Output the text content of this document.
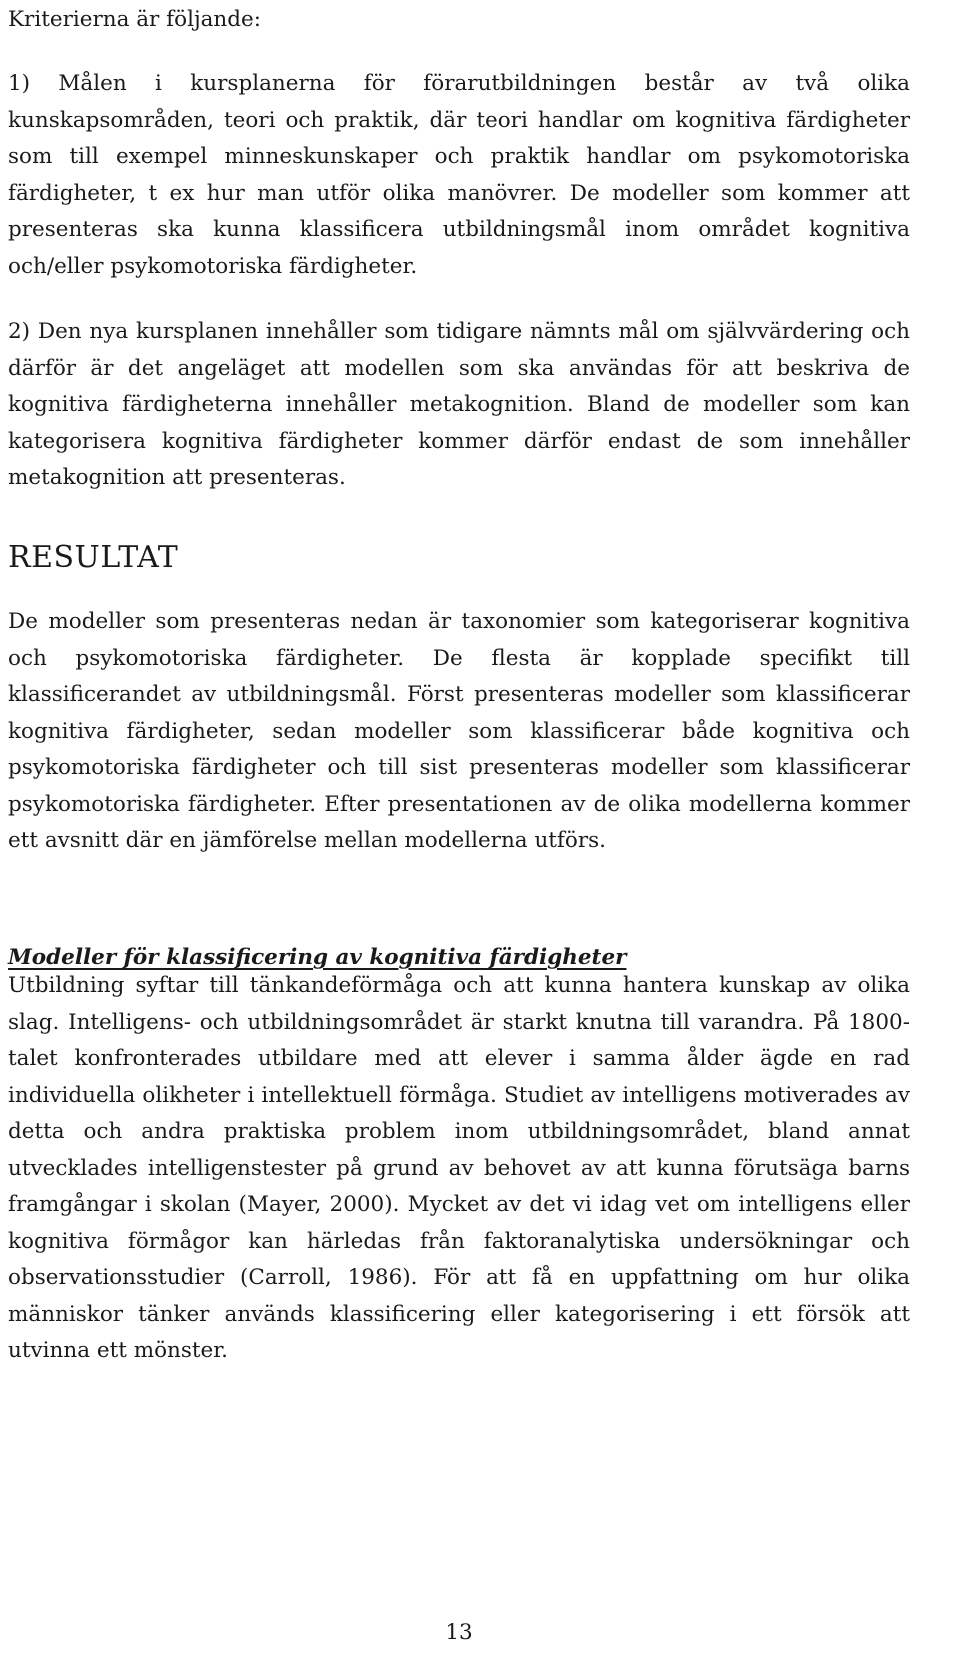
Kriterierna är följande:

1) Målen i kursplanerna för förarutbildningen består av två olika kunskapsområden, teori och praktik, där teori handlar om kognitiva färdigheter som till exempel minneskunskaper och praktik handlar om psykomotoriska färdigheter, t ex hur man utför olika manövrer. De modeller som kommer att presenteras ska kunna klassificera utbildningsmål inom området kognitiva och/eller psykomotoriska färdigheter.

2) Den nya kursplanen innehåller som tidigare nämnts mål om självvärdering och därför är det angeläget att modellen som ska användas för att beskriva de kognitiva färdigheterna innehåller metakognition. Bland de modeller som kan kategorisera kognitiva färdigheter kommer därför endast de som innehåller metakognition att presenteras.

RESULTAT

De modeller som presenteras nedan är taxonomier som kategoriserar kognitiva och psykomotoriska färdigheter. De flesta är kopplade specifikt till klassificerandet av utbildningsmål. Först presenteras modeller som klassificerar kognitiva färdigheter, sedan modeller som klassificerar både kognitiva och psykomotoriska färdigheter och till sist presenteras modeller som klassificerar psykomotoriska färdigheter. Efter presentationen av de olika modellerna kommer ett avsnitt där en jämförelse mellan modellerna utförs.

Modeller för klassificering av kognitiva färdigheter

Utbildning syftar till tänkandeförmåga och att kunna hantera kunskap av olika slag. Intelligens- och utbildningsområdet är starkt knutna till varandra. På 1800-talet konfronterades utbildare med att elever i samma ålder ägde en rad individuella olikheter i intellektuell förmåga. Studiet av intelligens motiverades av detta och andra praktiska problem inom utbildningsområdet, bland annat utvecklades intelligenstester på grund av behovet av att kunna förutsäga barns framgångar i skolan (Mayer, 2000). Mycket av det vi idag vet om intelligens eller kognitiva förmågor kan härledas från faktoranalytiska undersökningar och observationsstudier (Carroll, 1986). För att få en uppfattning om hur olika människor tänker används klassificering eller kategorisering i ett försök att utvinna ett mönster.

13
